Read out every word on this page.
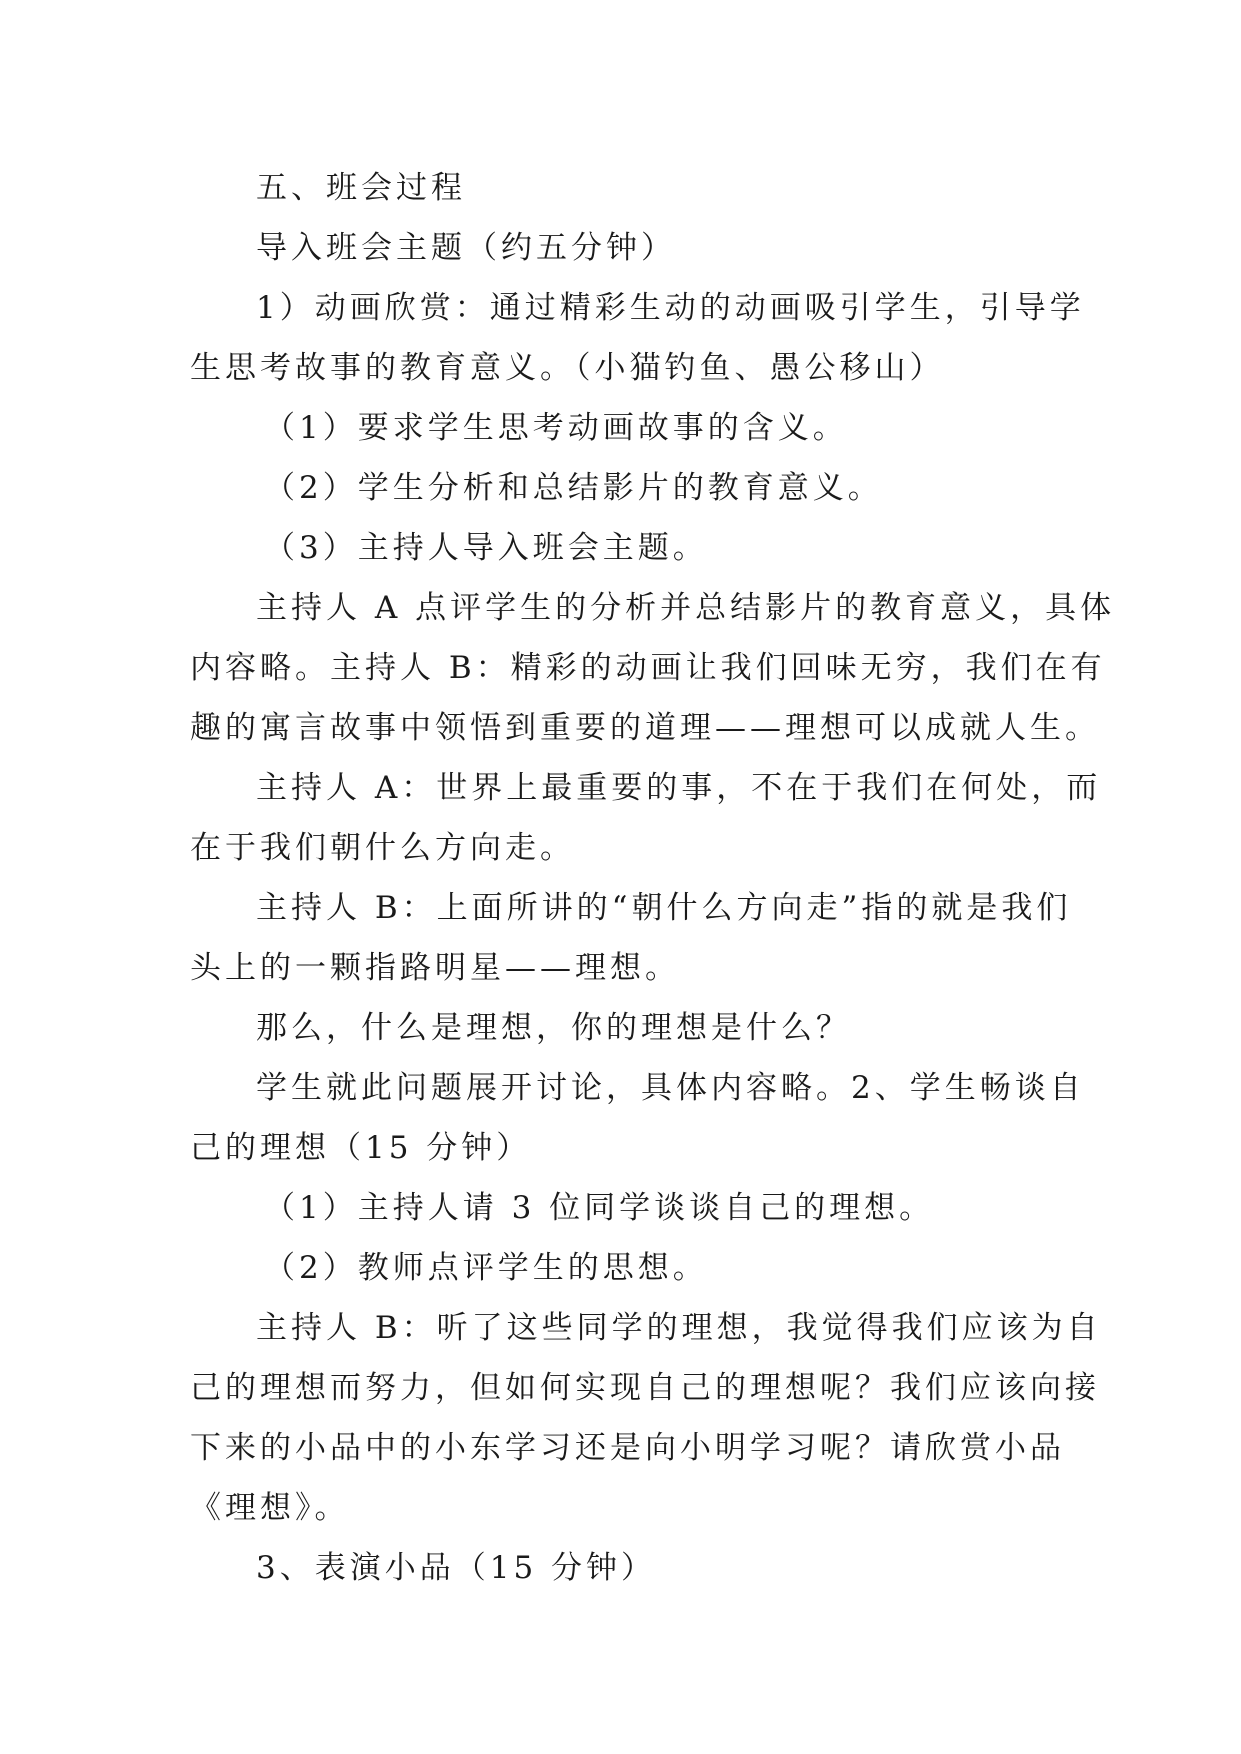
五、班会过程
导入班会主题（约五分钟）
1）动画欣赏：通过精彩生动的动画吸引学生，引导学
生思考故事的教育意义。（小猫钓鱼、愚公移山）
（1）要求学生思考动画故事的含义。
（2）学生分析和总结影片的教育意义。
（3）主持人导入班会主题。
主持人 A 点评学生的分析并总结影片的教育意义，具体
内容略。主持人 B：精彩的动画让我们回味无穷，我们在有
趣的寓言故事中领悟到重要的道理——理想可以成就人生。
主持人 A：世界上最重要的事，不在于我们在何处，而
在于我们朝什么方向走。
主持人 B：上面所讲的“朝什么方向走”指的就是我们
头上的一颗指路明星——理想。
那么，什么是理想，你的理想是什么？
学生就此问题展开讨论，具体内容略。2、学生畅谈自
己的理想（15 分钟）
（1）主持人请 3 位同学谈谈自己的理想。
（2）教师点评学生的思想。
主持人 B：听了这些同学的理想，我觉得我们应该为自
己的理想而努力，但如何实现自己的理想呢？我们应该向接
下来的小品中的小东学习还是向小明学习呢？请欣赏小品
《理想》。
3、表演小品（15 分钟）
